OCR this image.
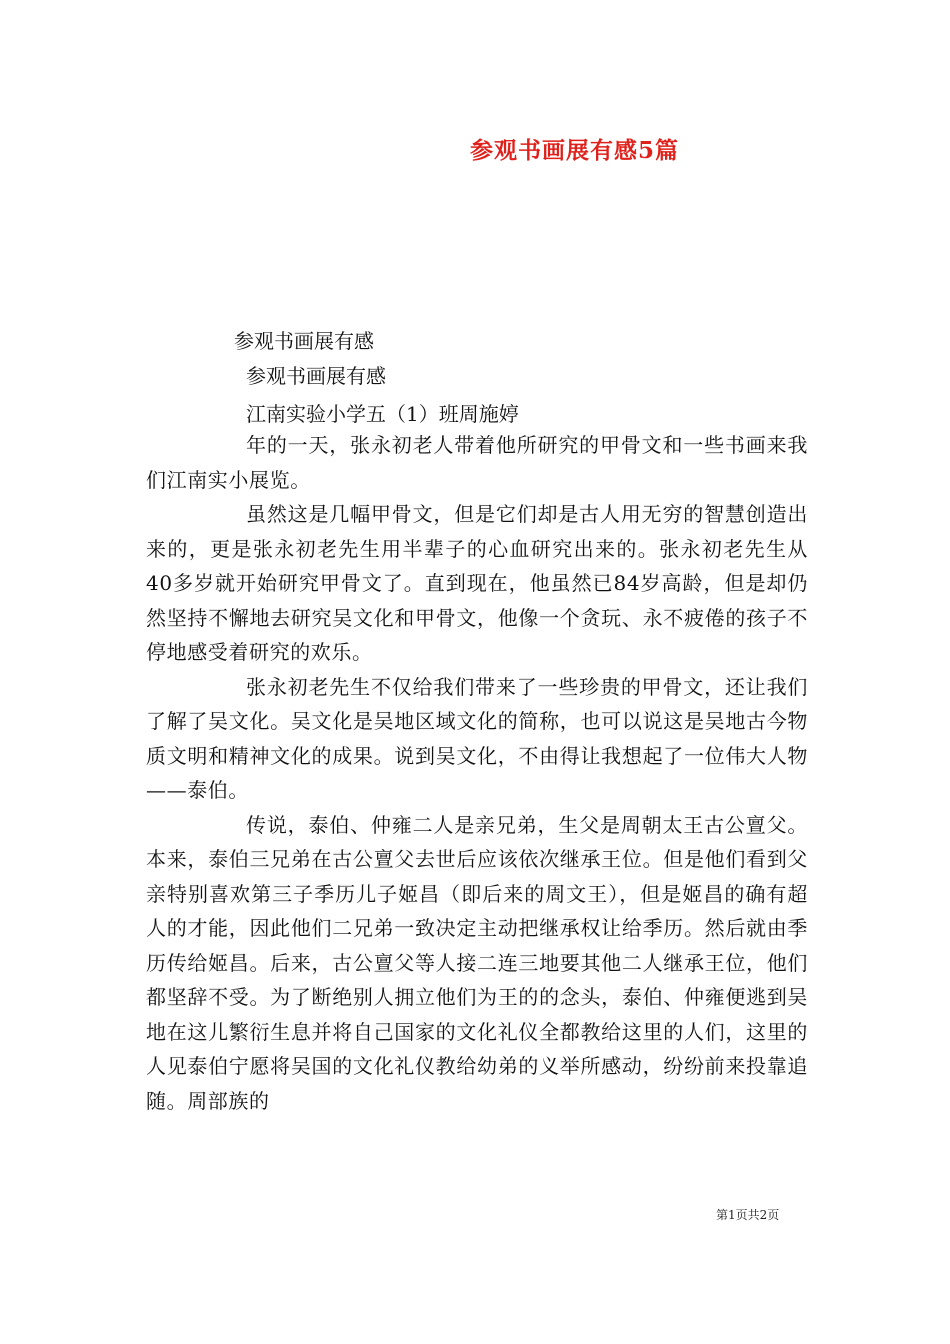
参观书画展有感5篇
参观书画展有感
参观书画展有感
江南实验小学五（1）班周施婷

年的一天，张永初老人带着他所研究的甲骨文和一些书画来我们江南实小展览。

虽然这是几幅甲骨文，但是它们却是古人用无穷的智慧创造出来的，更是张永初老先生用半辈子的心血研究出来的。张永初老先生从40多岁就开始研究甲骨文了。直到现在，他虽然已84岁高龄，但是却仍然坚持不懈地去研究吴文化和甲骨文，他像一个贪玩、永不疲倦的孩子不停地感受着研究的欢乐。

张永初老先生不仅给我们带来了一些珍贵的甲骨文，还让我们了解了吴文化。吴文化是吴地区域文化的简称，也可以说这是吴地古今物质文明和精神文化的成果。说到吴文化，不由得让我想起了一位伟大人物——泰伯。

传说，泰伯、仲雍二人是亲兄弟，生父是周朝太王古公亶父。本来，泰伯三兄弟在古公亶父去世后应该依次继承王位。但是他们看到父亲特别喜欢第三子季历儿子姬昌（即后来的周文王），但是姬昌的确有超人的才能，因此他们二兄弟一致决定主动把继承权让给季历。然后就由季历传给姬昌。后来，古公亶父等人接二连三地要其他二人继承王位，他们都坚辞不受。为了断绝别人拥立他们为王的的念头，泰伯、仲雍便逃到吴地在这儿繁衍生息并将自己国家的文化礼仪全都教给这里的人们，这里的人见泰伯宁愿将吴国的文化礼仪教给幼弟的义举所感动，纷纷前来投靠追随。周部族的

第1页共2页
